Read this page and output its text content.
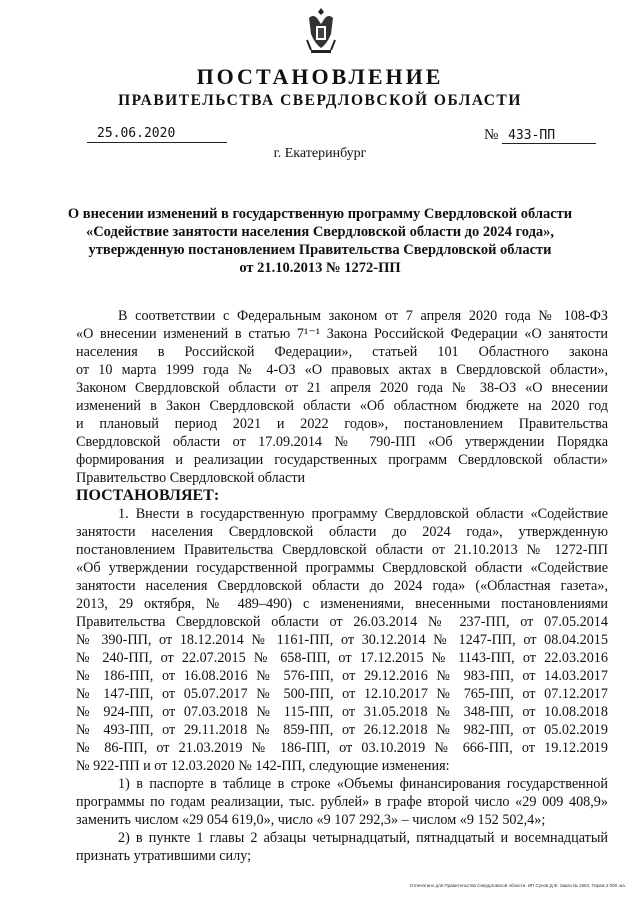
ПОСТАНОВЛЕНИЕ
ПРАВИТЕЛЬСТВА СВЕРДЛОВСКОЙ ОБЛАСТИ
25.06.2020	№ 433-ПП
г. Екатеринбург
О внесении изменений в государственную программу Свердловской области
«Содействие занятости населения Свердловской области до 2024 года»,
утвержденную постановлением Правительства Свердловской области
от 21.10.2013 № 1272-ПП
В соответствии с Федеральным законом от 7 апреля 2020 года № 108-ФЗ
«О внесении изменений в статью 7¹⁻¹ Закона Российской Федерации «О занятости
населения в Российской Федерации», статьей 101 Областного закона
от 10 марта 1999 года № 4-ОЗ «О правовых актах в Свердловской области»,
Законом Свердловской области от 21 апреля 2020 года № 38-ОЗ «О внесении
изменений в Закон Свердловской области «Об областном бюджете на 2020 год
и плановый период 2021 и 2022 годов», постановлением Правительства
Свердловской области от 17.09.2014 № 790-ПП «Об утверждении Порядка
формирования и реализации государственных программ Свердловской области»
Правительство Свердловской области
ПОСТАНОВЛЯЕТ:
1. Внести в государственную программу Свердловской области «Содействие
занятости населения Свердловской области до 2024 года», утвержденную
постановлением Правительства Свердловской области от 21.10.2013 № 1272-ПП
«Об утверждении государственной программы Свердловской области «Содействие
занятости населения Свердловской области до 2024 года» («Областная газета»,
2013, 29 октября, № 489–490) с изменениями, внесенными постановлениями
Правительства Свердловской области от 26.03.2014 № 237-ПП, от 07.05.2014
№ 390-ПП, от 18.12.2014 № 1161-ПП, от 30.12.2014 № 1247-ПП, от 08.04.2015
№ 240-ПП, от 22.07.2015 № 658-ПП, от 17.12.2015 № 1143-ПП, от 22.03.2016
№ 186-ПП, от 16.08.2016 № 576-ПП, от 29.12.2016 № 983-ПП, от 14.03.2017
№ 147-ПП, от 05.07.2017 № 500-ПП, от 12.10.2017 № 765-ПП, от 07.12.2017
№ 924-ПП, от 07.03.2018 № 115-ПП, от 31.05.2018 № 348-ПП, от 10.08.2018
№ 493-ПП, от 29.11.2018 № 859-ПП, от 26.12.2018 № 982-ПП, от 05.02.2019
№ 86-ПП, от 21.03.2019 № 186-ПП, от 03.10.2019 № 666-ПП, от 19.12.2019
№ 922-ПП и от 12.03.2020 № 142-ПП, следующие изменения:
1) в паспорте в таблице в строке «Объемы финансирования государственной
программы по годам реализации, тыс. рублей» в графе второй число «29 009 408,9»
заменить числом «29 054 619,0», число «9 107 292,3» – числом «9 152 502,4»;
2) в пункте 1 главы 2 абзацы четырнадцатый, пятнадцатый и восемнадцатый
признать утратившими силу;
Отпечатано для Правительства Свердловской области. ИП Сунов Д.Ф. Заказ № 1963. Тираж 2 000 экз.
